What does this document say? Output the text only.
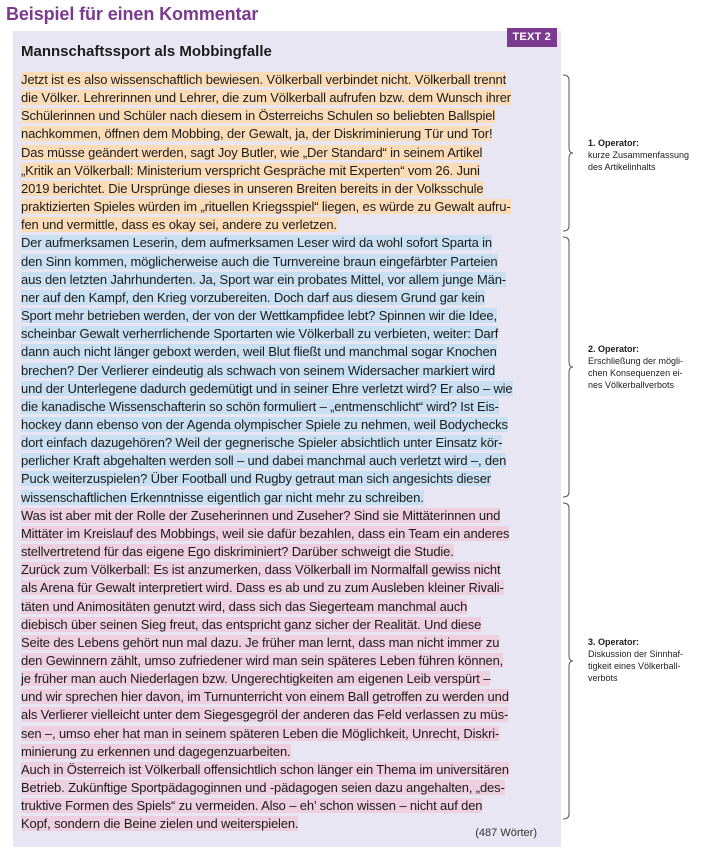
Beispiel für einen Kommentar
TEXT 2
Mannschaftssport als Mobbingfalle

Jetzt ist es also wissenschaftlich bewiesen. Völkerball verbindet nicht. Völkerball trennt
die Völker. Lehrerinnen und Lehrer, die zum Völkerball aufrufen bzw. dem Wunsch ihrer
Schülerinnen und Schüler nach diesem in Österreichs Schulen so beliebten Ballspiel
nachkommen, öffnen dem Mobbing, der Gewalt, ja, der Diskriminierung Tür und Tor!
Das müsse geändert werden, sagt Joy Butler, wie „Der Standard“ in seinem Artikel
„Kritik an Völkerball: Ministerium verspricht Gespräche mit Experten“ vom 26. Juni
2019 berichtet. Die Ursprünge dieses in unseren Breiten bereits in der Volksschule
praktizierten Spieles würden im „rituellen Kriegsspiel“ liegen, es würde zu Gewalt aufru-
fen und vermittle, dass es okay sei, andere zu verletzen.

Der aufmerksamen Leserin, dem aufmerksamen Leser wird da wohl sofort Sparta in
den Sinn kommen, möglicherweise auch die Turnvereine braun eingefärbter Parteien
aus den letzten Jahrhunderten. Ja, Sport war ein probates Mittel, vor allem junge Män-
ner auf den Kampf, den Krieg vorzubereiten. Doch darf aus diesem Grund gar kein
Sport mehr betrieben werden, der von der Wettkampfidee lebt? Spinnen wir die Idee,
scheinbar Gewalt verherrlichende Sportarten wie Völkerball zu verbieten, weiter: Darf
dann auch nicht länger geboxt werden, weil Blut fließt und manchmal sogar Knochen
brechen? Der Verlierer eindeutig als schwach von seinem Widersacher markiert wird
und der Unterlegene dadurch gedemütigt und in seiner Ehre verletzt wird? Er also – wie
die kanadische Wissenschafterin so schön formuliert – „entmenschlicht“ wird? Ist Eis-
hockey dann ebenso von der Agenda olympischer Spiele zu nehmen, weil Bodychecks
dort einfach dazugehören? Weil der gegnerische Spieler absichtlich unter Einsatz kör-
perlicher Kraft abgehalten werden soll – und dabei manchmal auch verletzt wird –, den
Puck weiterzuspielen? Über Football und Rugby getraut man sich angesichts dieser
wissenschaftlichen Erkenntnisse eigentlich gar nicht mehr zu schreiben.

Was ist aber mit der Rolle der Zuseherinnen und Zuseher? Sind sie Mittäterinnen und
Mittäter im Kreislauf des Mobbings, weil sie dafür bezahlen, dass ein Team ein anderes
stellvertretend für das eigene Ego diskriminiert? Darüber schweigt die Studie.

Zurück zum Völkerball: Es ist anzumerken, dass Völkerball im Normalfall gewiss nicht
als Arena für Gewalt interpretiert wird. Dass es ab und zu zum Ausleben kleiner Rivali-
täten und Animositäten genutzt wird, dass sich das Siegerteam manchmal auch
diebisch über seinen Sieg freut, das entspricht ganz sicher der Realität. Und diese
Seite des Lebens gehört nun mal dazu. Je früher man lernt, dass man nicht immer zu
den Gewinnern zählt, umso zufriedener wird man sein späteres Leben führen können,
je früher man auch Niederlagen bzw. Ungerechtigkeiten am eigenen Leib verspürt –
und wir sprechen hier davon, im Turnunterricht von einem Ball getroffen zu werden und
als Verlierer vielleicht unter dem Siegesgegröl der anderen das Feld verlassen zu müs-
sen –, umso eher hat man in seinem späteren Leben die Möglichkeit, Unrecht, Diskri-
minierung zu erkennen und dagegenzuarbeiten.

Auch in Österreich ist Völkerball offensichtlich schon länger ein Thema im universitären
Betrieb. Zukünftige Sportpädagoginnen und -pädagogen seien dazu angehalten, „des-
truktive Formen des Spiels“ zu vermeiden. Also – eh’ schon wissen – nicht auf den
Kopf, sondern die Beine zielen und weiterspielen.

(487 Wörter)
1. Operator:
kurze Zusammenfassung
des Artikelinhalts
2. Operator:
Erschließung der mögli-
chen Konsequenzen ei-
nes Völkerballverbots
3. Operator:
Diskussion der Sinnhaf-
tigkeit eines Völkerball-
verbots
